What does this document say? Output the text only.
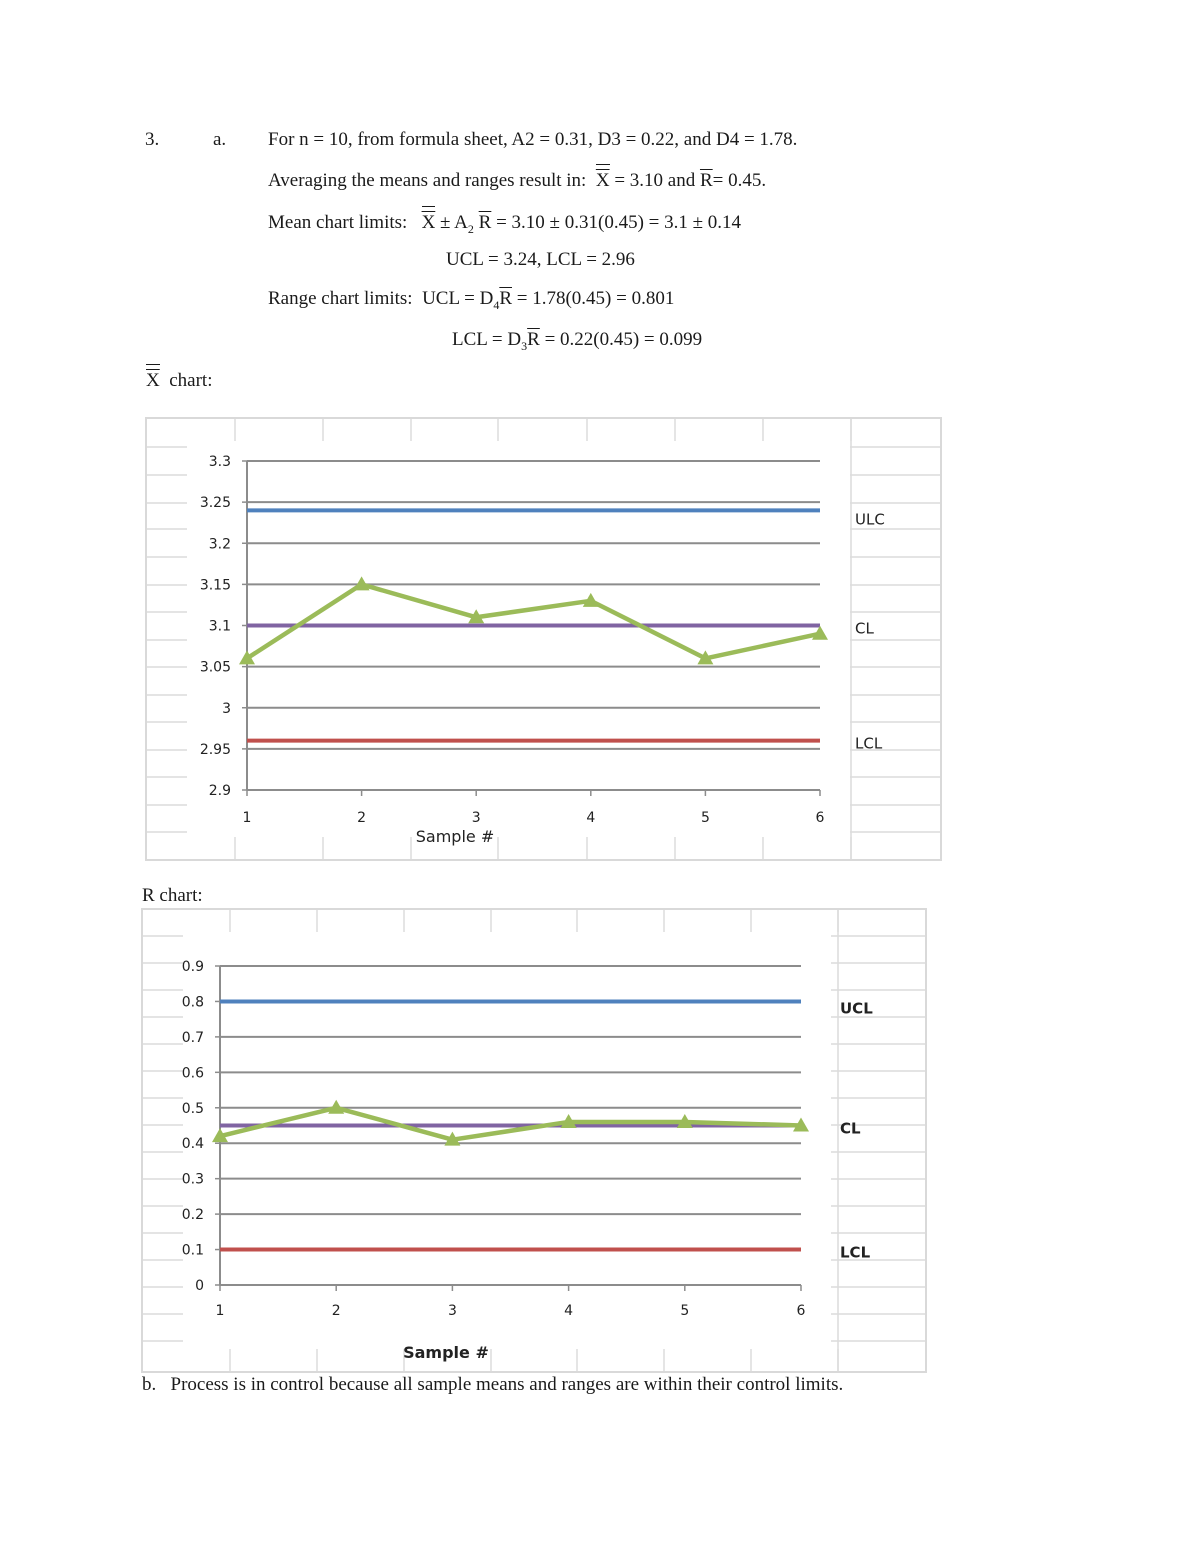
3.	a. For n = 10, from formula sheet, A2 = 0.31, D3 = 0.22, and D4 = 1.78.
Averaging the means and ranges result in: $\overline{X} = 3.10$ and $\overline{R}= 0.45$.
Mean chart limits: $\overline{X} \pm A_2$ $\overline{R} = 3.10 \pm 0.31(0.45) = 3.1 \pm 0.14$
UCL = 3.24, LCL = 2.96
Range chart limits: UCL = $D_4\overline{R} = 1.78(0.45) = 0.801$
LCL = $D_3\overline{R} = 0.22(0.45) = 0.099$
$\overline{X}$ chart:
2.9
2.95
3
3.05
3.1
3.15
3.2
3.25
3.3
1	2	3	4	5	6
Sample #
ULC
CL
LCL
R chart:
0
0.1
0.2
0.3
0.4
0.5
0.6
0.7
0.8
0.9
1	2	3	4	5	6
Sample #
UCL
CL
LCL
b. Process is in control because all sample means and ranges are within their control limits.
